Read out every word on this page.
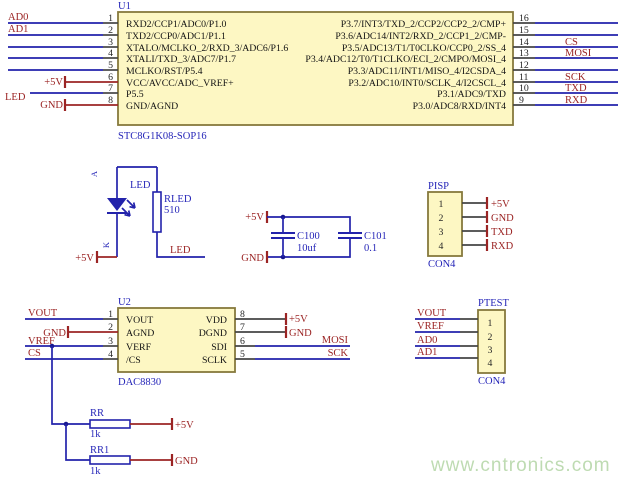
U1
STC8G1K08-SOP16
AD0
AD1
+5V
LED
GND
1
2
3
4
5
6
7
8
RXD2/CCP1/ADC0/P1.0
TXD2/CCP0/ADC1/P1.1
XTALO/MCLKO_2/RXD_3/ADC6/P1.6
XTALI/TXD_3/ADC7/P1.7
MCLKO/RST/P5.4
VCC/AVCC/ADC_VREF+
P5.5
GND/AGND
16
15
14
13
12
11
10
9
CS
MOSI
SCK
TXD
RXD
P3.7/INT3/TXD_2/CCP2/CCP2_2/CMP+
P3.6/ADC14/INT2/RXD_2/CCP1_2/CMP-
P3.5/ADC13/T1/T0CLKO/CCP0_2/SS_4
P3.4/ADC12/T0/T1CLKO/ECI_2/CMPO/MOSI_4
P3.3/ADC11/INT1/MISO_4/I2CSDA_4
P3.2/ADC10/INT0/SCLK_4/I2CSCL_4
P3.1/ADC9/TXD
P3.0/ADC8/RXD/INT4
+5V
A
K
LED
RLED
510
LED
+5V
GND
C100
10uf
C101
0.1
PISP
CON4
1
2
3
4
+5V
GND
TXD
RXD
U2
DAC8830
VOUT
GND
VREF
CS
1
2
3
4
VOUT
AGND
VERF
/CS
+5V
GND
MOSI
SCK
8
7
6
5
VDD
DGND
SDI
SCLK
PTEST
CON4
VOUT
VREF
AD0
AD1
1
2
3
4
RR
1k
+5V
RR1
1k
GND	www.cntronics.com
